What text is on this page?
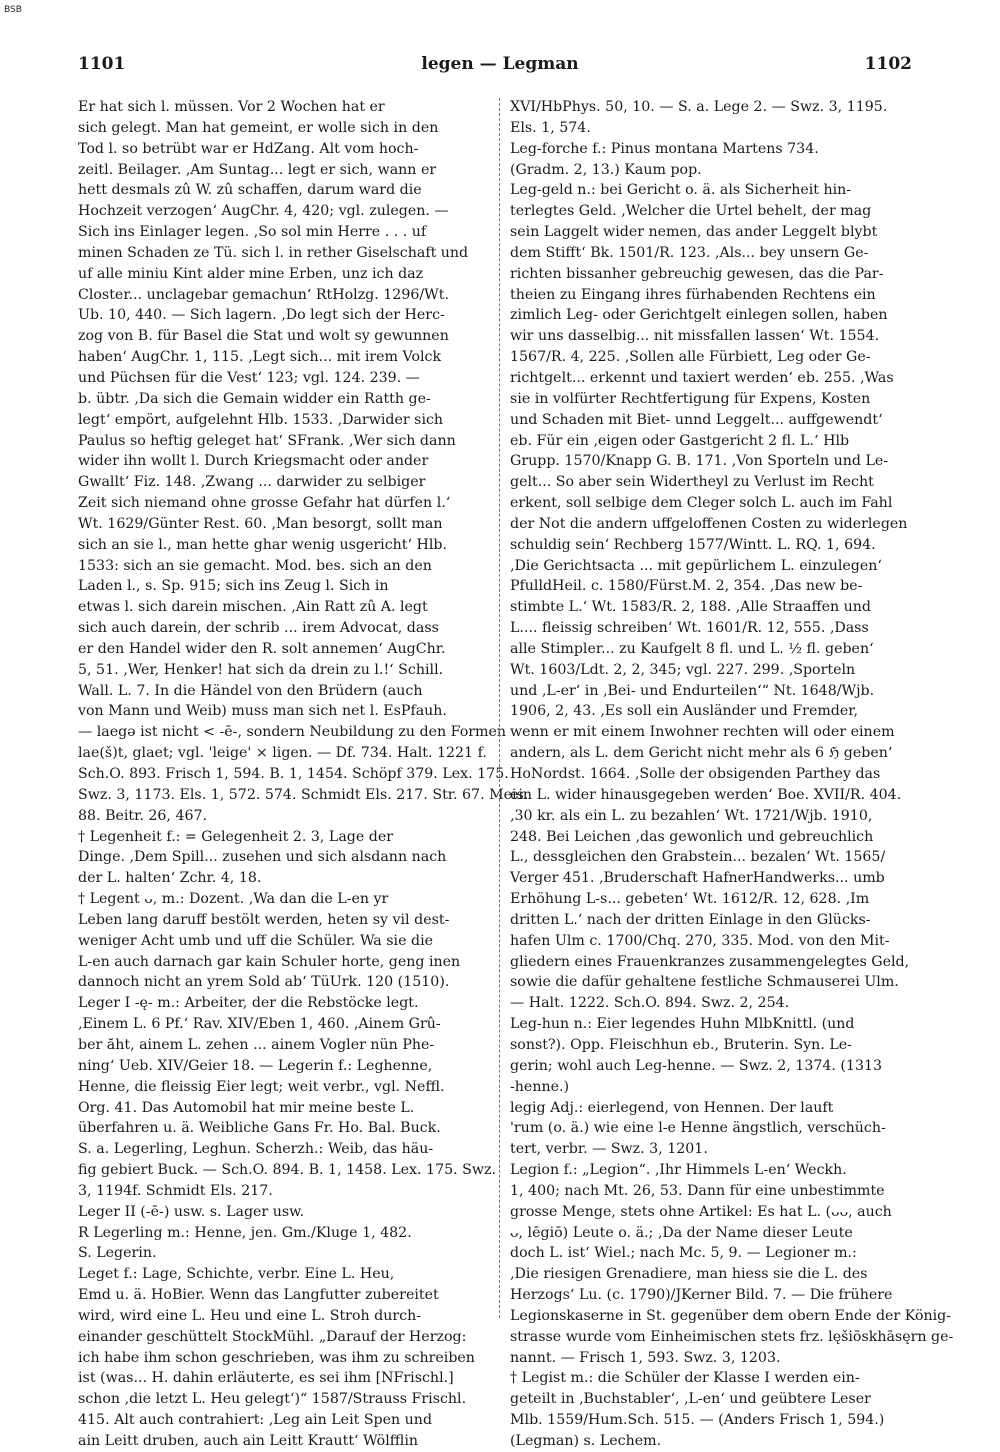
BSB
1101	legen — Legman	1102
Er hat sich l. müssen. Vor 2 Wochen hat er
sich gelegt. Man hat gemeint, er wolle sich in den
Tod l. so betrübt war er HdZang. Alt vom hoch-
zeitl. Beilager. ‚Am Suntag... legt er sich, wann er
hett desmals zû W. zû schaffen, darum ward die
Hochzeit verzogen‘ AugChr. 4, 420; vgl. zulegen. —
Sich ins Einlager legen. ‚So sol min Herre . . . uf
minen Schaden ze Tü. sich l. in rether Giselschaft und
uf alle miniu Kint alder mine Erben, unz ich daz
Closter... unclagebar gemachun‘ RtHolzg. 1296/Wt.
Ub. 10, 440. — Sich lagern. ‚Do legt sich der Herc-
zog von B. für Basel die Stat und wolt sy gewunnen
haben‘ AugChr. 1, 115. ‚Legt sich... mit irem Volck
und Püchsen für die Vest‘ 123; vgl. 124. 239. —
b. übtr. ‚Da sich die Gemain widder ein Ratth ge-
legt‘ empört, aufgelehnt Hlb. 1533. ‚Darwider sich
Paulus so heftig geleget hat‘ SFrank. ‚Wer sich dann
wider ihn wollt l. Durch Kriegsmacht oder ander
Gwallt‘ Fiz. 148. ‚Zwang ... darwider zu selbiger
Zeit sich niemand ohne grosse Gefahr hat dürfen l.‘
Wt. 1629/Günter Rest. 60. ‚Man besorgt, sollt man
sich an sie l., man hette ghar wenig usgericht‘ Hlb.
1533: sich an sie gemacht. Mod. bes. sich an den
Laden l., s. Sp. 915; sich ins Zeug l. Sich in
etwas l. sich darein mischen. ‚Ain Ratt zû A. legt
sich auch darein, der schrib ... irem Advocat, dass
er den Handel wider den R. solt annemen‘ AugChr.
5, 51. ‚Wer, Henker! hat sich da drein zu l.!‘ Schill.
Wall. L. 7. In die Händel von den Brüdern (auch
von Mann und Weib) muss man sich net l. EsPfauh.
— laegə ist nicht < -ē-, sondern Neubildung zu den Formen
lae(š)t, glaet; vgl. 'leige' × ligen. — Df. 734. Halt. 1221 f.
Sch.O. 893. Frisch 1, 594. B. 1, 1454. Schöpf 379. Lex. 175.
Swz. 3, 1173. Els. 1, 572. 574. Schmidt Els. 217. Str. 67. Meis.
88. Beitr. 26, 467.
† Legenheit f.: = Gelegenheit 2. 3, Lage der
Dinge. ‚Dem Spill... zusehen und sich alsdann nach
der L. halten‘ Zchr. 4, 18.
† Legent ᴗ, m.: Dozent. ‚Wa dan die L-en yr
Leben lang daruff bestölt werden, heten sy vil dest-
weniger Acht umb und uff die Schüler. Wa sie die
L-en auch darnach gar kain Schuler horte, geng inen
dannoch nicht an yrem Sold ab‘ TüUrk. 120 (1510).
Leger I -ę- m.: Arbeiter, der die Rebstöcke legt.
‚Einem L. 6 Pf.‘ Rav. XIV/Eben 1, 460. ‚Ainem Grû-
ber ăht, ainem L. zehen ... ainem Vogler nün Phe-
ning‘ Ueb. XIV/Geier 18. — Legerin f.: Leghenne,
Henne, die fleissig Eier legt; weit verbr., vgl. Neffl.
Org. 41. Das Automobil hat mir meine beste L.
überfahren u. ä. Weibliche Gans Fr. Ho. Bal. Buck.
S. a. Legerling, Leghun. Scherzh.: Weib, das häu-
fig gebiert Buck. — Sch.O. 894. B. 1, 1458. Lex. 175. Swz.
3, 1194f. Schmidt Els. 217.
Leger II (-ē-) usw. s. Lager usw.
R Legerling m.: Henne, jen. Gm./Kluge 1, 482.
S. Legerin.
Leget f.: Lage, Schichte, verbr. Eine L. Heu,
Emd u. ä. HoBier. Wenn das Langfutter zubereitet
wird, wird eine L. Heu und eine L. Stroh durch-
einander geschüttelt StockMühl. „Darauf der Herzog:
ich habe ihm schon geschrieben, was ihm zu schreiben
ist (was... H. dahin erläuterte, es sei ihm [NFrischl.]
schon ‚die letzt L. Heu gelegt‘)“ 1587/Strauss Frischl.
415. Alt auch contrahiert: ‚Leg ain Leit Spen und
ain Leitt druben, auch ain Leitt Krautt‘ Wölfflin
XVI/HbPhys. 50, 10. — S. a. Lege 2. — Swz. 3, 1195.
Els. 1, 574.
Leg-forche f.: Pinus montana Martens 734.
(Gradm. 2, 13.) Kaum pop.
Leg-geld n.: bei Gericht o. ä. als Sicherheit hin-
terlegtes Geld. ‚Welcher die Urtel behelt, der mag
sein Laggelt wider nemen, das ander Leggelt blybt
dem Stifft‘ Bk. 1501/R. 123. ‚Als... bey unsern Ge-
richten bissanher gebreuchig gewesen, das die Par-
theien zu Eingang ihres fürhabenden Rechtens ein
zimlich Leg- oder Gerichtgelt einlegen sollen, haben
wir uns dasselbig... nit missfallen lassen‘ Wt. 1554.
1567/R. 4, 225. ‚Sollen alle Fürbiett, Leg oder Ge-
richtgelt... erkennt und taxiert werden‘ eb. 255. ‚Was
sie in volfürter Rechtfertigung für Expens, Kosten
und Schaden mit Biet- unnd Leggelt... auffgewendt‘
eb. Für ein ‚eigen oder Gastgericht 2 fl. L.‘ Hlb
Grupp. 1570/Knapp G. B. 171. ‚Von Sporteln und Le-
gelt... So aber sein Widertheyl zu Verlust im Recht
erkent, soll selbige dem Cleger solch L. auch im Fahl
der Not die andern uffgeloffenen Costen zu widerlegen
schuldig sein‘ Rechberg 1577/Wintt. L. RQ. 1, 694.
‚Die Gerichtsacta ... mit gepürlichem L. einzulegen‘
PfulldHeil. c. 1580/Fürst.M. 2, 354. ‚Das new be-
stimbte L.‘ Wt. 1583/R. 2, 188. ‚Alle Straaffen und
L.... fleissig schreiben‘ Wt. 1601/R. 12, 555. ‚Dass
alle Stimpler... zu Kaufgelt 8 fl. und L. ½ fl. geben‘
Wt. 1603/Ldt. 2, 2, 345; vgl. 227. 299. ‚Sporteln
und ‚L-er‘ in ‚Bei- und Endurteilen‘“ Nt. 1648/Wjb.
1906, 2, 43. ‚Es soll ein Ausländer und Fremder,
wenn er mit einem Inwohner rechten will oder einem
andern, als L. dem Gericht nicht mehr als 6 ℌ geben‘
HoNordst. 1664. ‚Solle der obsigenden Parthey das
ein L. wider hinausgegeben werden‘ Boe. XVII/R. 404.
‚30 kr. als ein L. zu bezahlen‘ Wt. 1721/Wjb. 1910,
248. Bei Leichen ‚das gewonlich und gebreuchlich
L., dessgleichen den Grabstein... bezalen‘ Wt. 1565/
Verger 451. ‚Bruderschaft HafnerHandwerks... umb
Erhöhung L-s... gebeten‘ Wt. 1612/R. 12, 628. ‚Im
dritten L.‘ nach der dritten Einlage in den Glücks-
hafen Ulm c. 1700/Chq. 270, 335. Mod. von den Mit-
gliedern eines Frauenkranzes zusammengelegtes Geld,
sowie die dafür gehaltene festliche Schmauserei Ulm.
— Halt. 1222. Sch.O. 894. Swz. 2, 254.
Leg-hun n.: Eier legendes Huhn MlbKnittl. (und
sonst?). Opp. Fleischhun eb., Bruterin. Syn. Le-
gerin; wohl auch Leg-henne. — Swz. 2, 1374. (1313
-henne.)
legig Adj.: eierlegend, von Hennen. Der lauft
'rum (o. ä.) wie eine l-e Henne ängstlich, verschüch-
tert, verbr. — Swz. 3, 1201.
Legion f.: „Legion“. ‚Ihr Himmels L-en‘ Weckh.
1, 400; nach Mt. 26, 53. Dann für eine unbestimmte
grosse Menge, stets ohne Artikel: Es hat L. (ᴗᴗ, auch
ᴗ, lēgiō) Leute o. ä.; ‚Da der Name dieser Leute
doch L. ist‘ Wiel.; nach Mc. 5, 9. — Legioner m.:
‚Die riesigen Grenadiere, man hiess sie die L. des
Herzogs‘ Lu. (c. 1790)/JKerner Bild. 7. — Die frühere
Legionskaserne in St. gegenüber dem obern Ende der König-
strasse wurde vom Einheimischen stets frz. lęšiōskhāsęrn ge-
nannt. — Frisch 1, 593. Swz. 3, 1203.
† Legist m.: die Schüler der Klasse I werden ein-
geteilt in ‚Buchstabler‘, ‚L-en‘ und geübtere Leser
Mlb. 1559/Hum.Sch. 515. — (Anders Frisch 1, 594.)
(Legman) s. Lechem.
